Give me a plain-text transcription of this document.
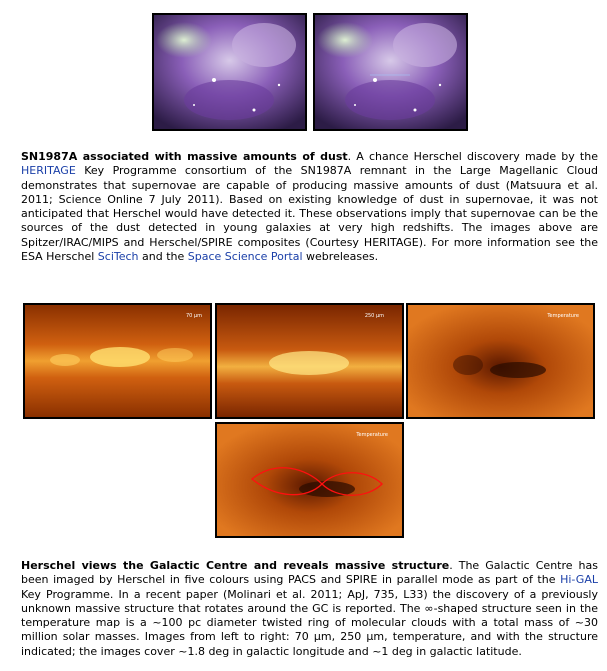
SN1987A associated with massive amounts of dust. A chance Herschel discovery made by the HERITAGE Key Programme consortium of the SN1987A remnant in the Large Magellanic Cloud demonstrates that supernovae are capable of producing massive amounts of dust (Matsuura et al. 2011; Science Online 7 July 2011). Based on existing knowledge of dust in supernovae, it was not anticipated that Herschel would have detected it. These observations imply that supernovae can be the sources of the dust detected in young galaxies at very high redshifts. The images above are Spitzer/IRAC/MIPS and Herschel/SPIRE composites (Courtesy HERITAGE). For more information see the ESA Herschel SciTech and the Space Science Portal webreleases.

70 μm	250 μm	Temperature
Temperature

Herschel views the Galactic Centre and reveals massive structure. The Galactic Centre has been imaged by Herschel in five colours using PACS and SPIRE in parallel mode as part of the Hi-GAL Key Programme. In a recent paper (Molinari et al. 2011; ApJ, 735, L33) the discovery of a previously unknown massive structure that rotates around the GC is reported. The ∞-shaped structure seen in the temperature map is a ~100 pc diameter twisted ring of molecular clouds with a total mass of ~30 million solar masses. Images from left to right: 70 μm, 250 μm, temperature, and with the structure indicated; the images cover ~1.8 deg in galactic longitude and ~1 deg in galactic latitude.
